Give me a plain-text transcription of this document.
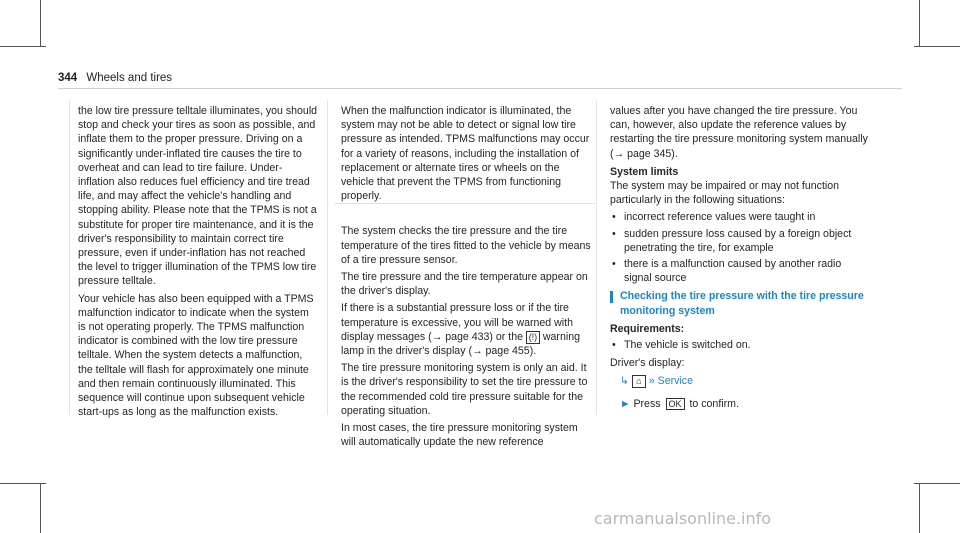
344 Wheels and tires

the low tire pressure telltale illuminates, you should stop and check your tires as soon as possible, and inflate them to the proper pressure. Driving on a significantly under-inflated tire causes the tire to overheat and can lead to tire failure. Under-inflation also reduces fuel efficiency and tire tread life, and may affect the vehicle's handling and stopping ability. Please note that the TPMS is not a substitute for proper tire maintenance, and it is the driver's responsibility to maintain correct tire pressure, even if under-inflation has not reached the level to trigger illumination of the TPMS low tire pressure telltale.

Your vehicle has also been equipped with a TPMS malfunction indicator to indicate when the system is not operating properly. The TPMS malfunction indicator is combined with the low tire pressure telltale. When the system detects a malfunction, the telltale will flash for approximately one minute and then remain continuously illuminated. This sequence will continue upon subsequent vehicle start-ups as long as the malfunction exists.

When the malfunction indicator is illuminated, the system may not be able to detect or signal low tire pressure as intended. TPMS malfunctions may occur for a variety of reasons, including the installation of replacement or alternate tires or wheels on the vehicle that prevent the TPMS from functioning properly.

The system checks the tire pressure and the tire temperature of the tires fitted to the vehicle by means of a tire pressure sensor.

The tire pressure and the tire temperature appear on the driver's display.

If there is a substantial pressure loss or if the tire temperature is excessive, you will be warned with display messages (→ page 433) or the (!) warning lamp in the driver's display (→ page 455).

The tire pressure monitoring system is only an aid. It is the driver's responsibility to set the tire pressure to the recommended cold tire pressure suitable for the operating situation.

In most cases, the tire pressure monitoring system will automatically update the new reference

values after you have changed the tire pressure. You can, however, also update the reference values by restarting the tire pressure monitoring system manually (→ page 345).

System limits

The system may be impaired or may not function particularly in the following situations:

• incorrect reference values were taught in
• sudden pressure loss caused by a foreign object penetrating the tire, for example
• there is a malfunction caused by another radio signal source
Checking the tire pressure with the tire pressure monitoring system
Requirements:
• The vehicle is switched on.

Driver's display:

↳ ⌂ » Service
► Press OK to confirm.
carmanualsonline.info
